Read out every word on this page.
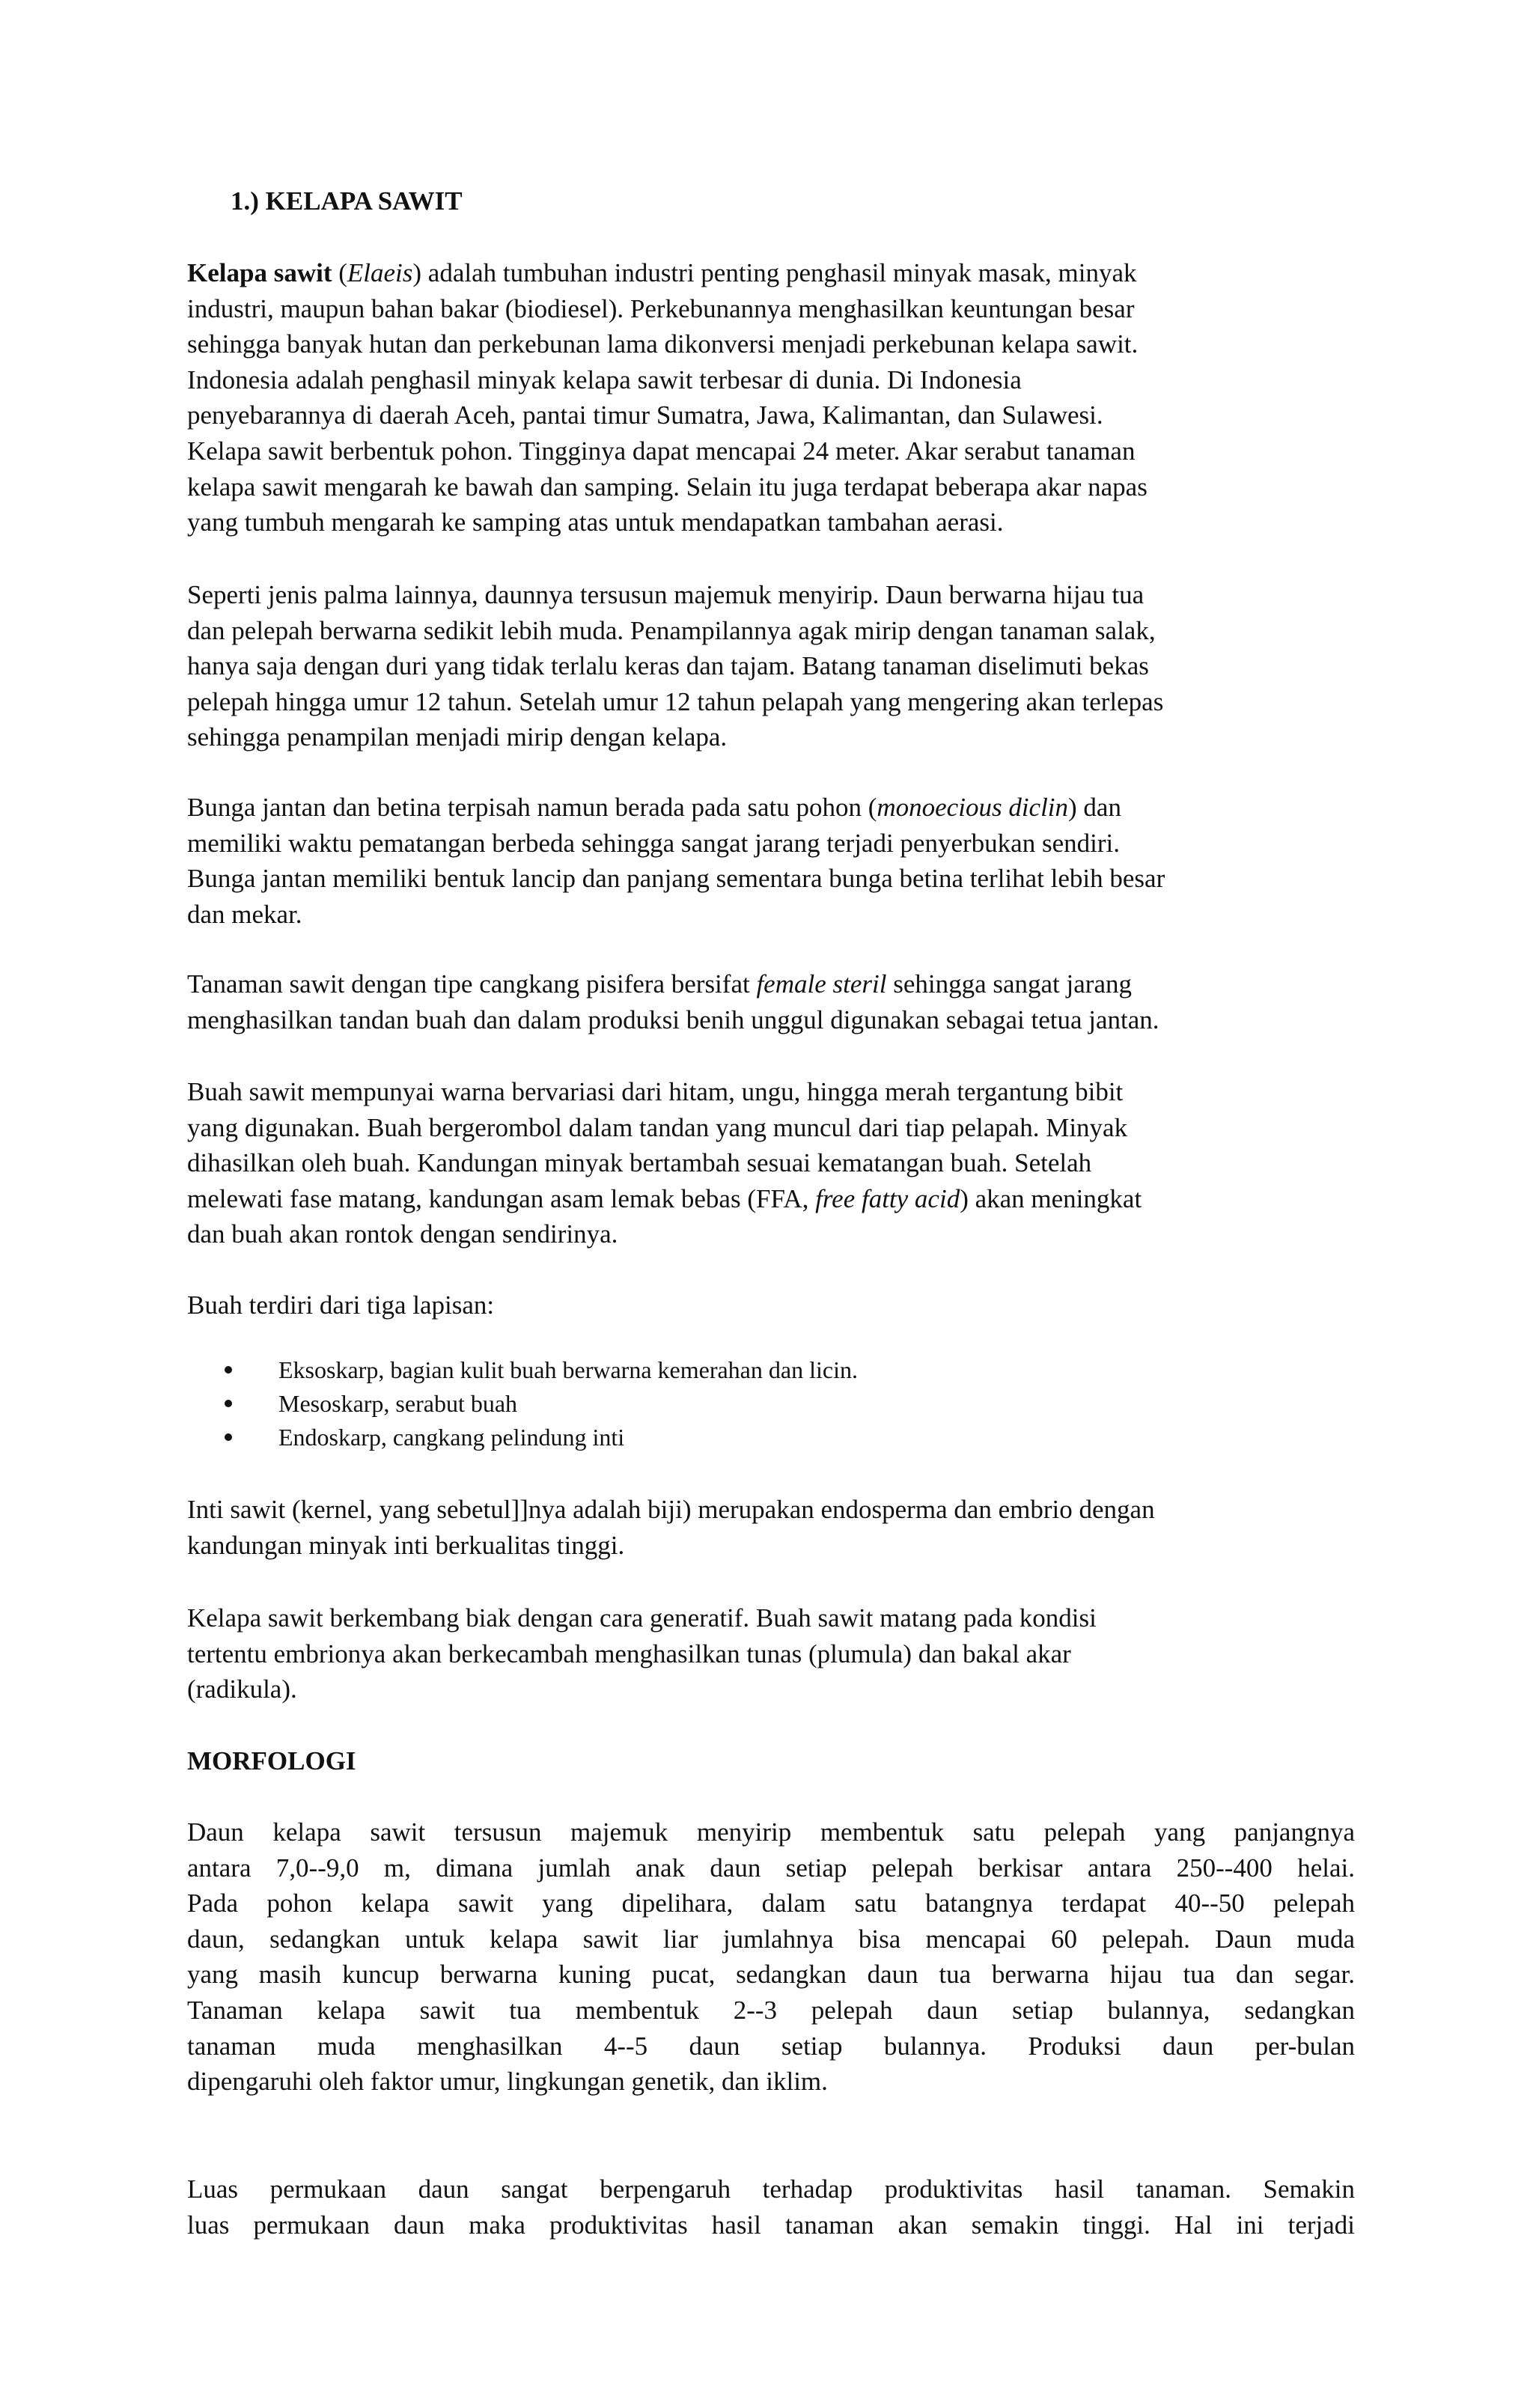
1.) KELAPA SAWIT

Kelapa sawit (Elaeis) adalah tumbuhan industri penting penghasil minyak masak, minyak
industri, maupun bahan bakar (biodiesel). Perkebunannya menghasilkan keuntungan besar
sehingga banyak hutan dan perkebunan lama dikonversi menjadi perkebunan kelapa sawit.
Indonesia adalah penghasil minyak kelapa sawit terbesar di dunia. Di Indonesia
penyebarannya di daerah Aceh, pantai timur Sumatra, Jawa, Kalimantan, dan Sulawesi.
Kelapa sawit berbentuk pohon. Tingginya dapat mencapai 24 meter. Akar serabut tanaman
kelapa sawit mengarah ke bawah dan samping. Selain itu juga terdapat beberapa akar napas
yang tumbuh mengarah ke samping atas untuk mendapatkan tambahan aerasi.

Seperti jenis palma lainnya, daunnya tersusun majemuk menyirip. Daun berwarna hijau tua
dan pelepah berwarna sedikit lebih muda. Penampilannya agak mirip dengan tanaman salak,
hanya saja dengan duri yang tidak terlalu keras dan tajam. Batang tanaman diselimuti bekas
pelepah hingga umur 12 tahun. Setelah umur 12 tahun pelapah yang mengering akan terlepas
sehingga penampilan menjadi mirip dengan kelapa.

Bunga jantan dan betina terpisah namun berada pada satu pohon (monoecious diclin) dan
memiliki waktu pematangan berbeda sehingga sangat jarang terjadi penyerbukan sendiri.
Bunga jantan memiliki bentuk lancip dan panjang sementara bunga betina terlihat lebih besar
dan mekar.

Tanaman sawit dengan tipe cangkang pisifera bersifat female steril sehingga sangat jarang
menghasilkan tandan buah dan dalam produksi benih unggul digunakan sebagai tetua jantan.

Buah sawit mempunyai warna bervariasi dari hitam, ungu, hingga merah tergantung bibit
yang digunakan. Buah bergerombol dalam tandan yang muncul dari tiap pelapah. Minyak
dihasilkan oleh buah. Kandungan minyak bertambah sesuai kematangan buah. Setelah
melewati fase matang, kandungan asam lemak bebas (FFA, free fatty acid) akan meningkat
dan buah akan rontok dengan sendirinya.

Buah terdiri dari tiga lapisan:

Eksoskarp, bagian kulit buah berwarna kemerahan dan licin.
Mesoskarp, serabut buah
Endoskarp, cangkang pelindung inti

Inti sawit (kernel, yang sebetul]]nya adalah biji) merupakan endosperma dan embrio dengan
kandungan minyak inti berkualitas tinggi.

Kelapa sawit berkembang biak dengan cara generatif. Buah sawit matang pada kondisi
tertentu embrionya akan berkecambah menghasilkan tunas (plumula) dan bakal akar
(radikula).

MORFOLOGI

Daun kelapa sawit tersusun majemuk menyirip membentuk satu pelepah yang panjangnya
antara 7,0--9,0 m, dimana jumlah anak daun setiap pelepah berkisar antara 250--400 helai.
Pada pohon kelapa sawit yang dipelihara, dalam satu batangnya terdapat 40--50 pelepah
daun, sedangkan untuk kelapa sawit liar jumlahnya bisa mencapai 60 pelepah. Daun muda
yang masih kuncup berwarna kuning pucat, sedangkan daun tua berwarna hijau tua dan segar.
Tanaman kelapa sawit tua membentuk 2--3 pelepah daun setiap bulannya, sedangkan
tanaman muda menghasilkan 4--5 daun setiap bulannya. Produksi daun per-bulan
dipengaruhi oleh faktor umur, lingkungan genetik, dan iklim.

Luas permukaan daun sangat berpengaruh terhadap produktivitas hasil tanaman. Semakin
luas permukaan daun maka produktivitas hasil tanaman akan semakin tinggi. Hal ini terjadi
